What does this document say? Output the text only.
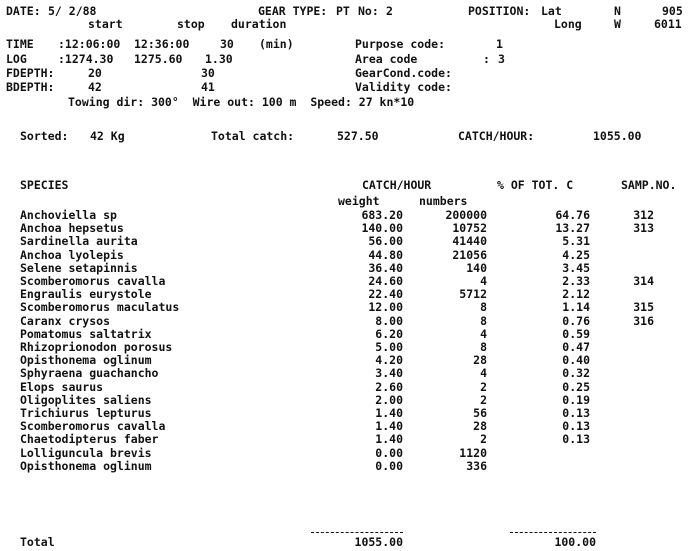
DATE: 5/ 2/88	GEAR TYPE: PT No: 2	POSITION: Lat	N	905
start	stop duration	Long	W	6011
TIME :12:06:00 12:36:00	30 (min)	Purpose code:	1
LOG	:1274.30 1275.60 1.30	Area code	: 3
FDEPTH:	20	30	GearCond.code:
BDEPTH:	42	41	Validity code:
Towing dir: 300°  Wire out: 100 m  Speed: 27 kn*10
Sorted: 42 Kg	Total catch:	527.50	CATCH/HOUR:	1055.00
SPECIES	CATCH/HOUR	% OF TOT. C	SAMP.NO.
weight	numbers
Anchoviella sp	683.20	200000	64.76	312
Anchoa hepsetus	140.00	10752	13.27	313
Sardinella aurita	56.00	41440	5.31
Anchoa lyolepis	44.80	21056	4.25
Selene setapinnis	36.40	140	3.45
Scomberomorus cavalla	24.60	4	2.33	314
Engraulis eurystole	22.40	5712	2.12
Scomberomorus maculatus	12.00	8	1.14	315
Caranx crysos	8.00	8	0.76	316
Pomatomus saltatrix	6.20	4	0.59
Rhizoprionodon porosus	5.00	8	0.47
Opisthonema oglinum	4.20	28	0.40
Sphyraena guachancho	3.40	4	0.32
Elops saurus	2.60	2	0.25
Oligoplites saliens	2.00	2	0.19
Trichiurus lepturus	1.40	56	0.13
Scomberomorus cavalla	1.40	28	0.13
Chaetodipterus faber	1.40	2	0.13
Lolliguncula brevis	0.00	1120
Opisthonema oglinum	0.00	336
Total	1055.00	100.00
